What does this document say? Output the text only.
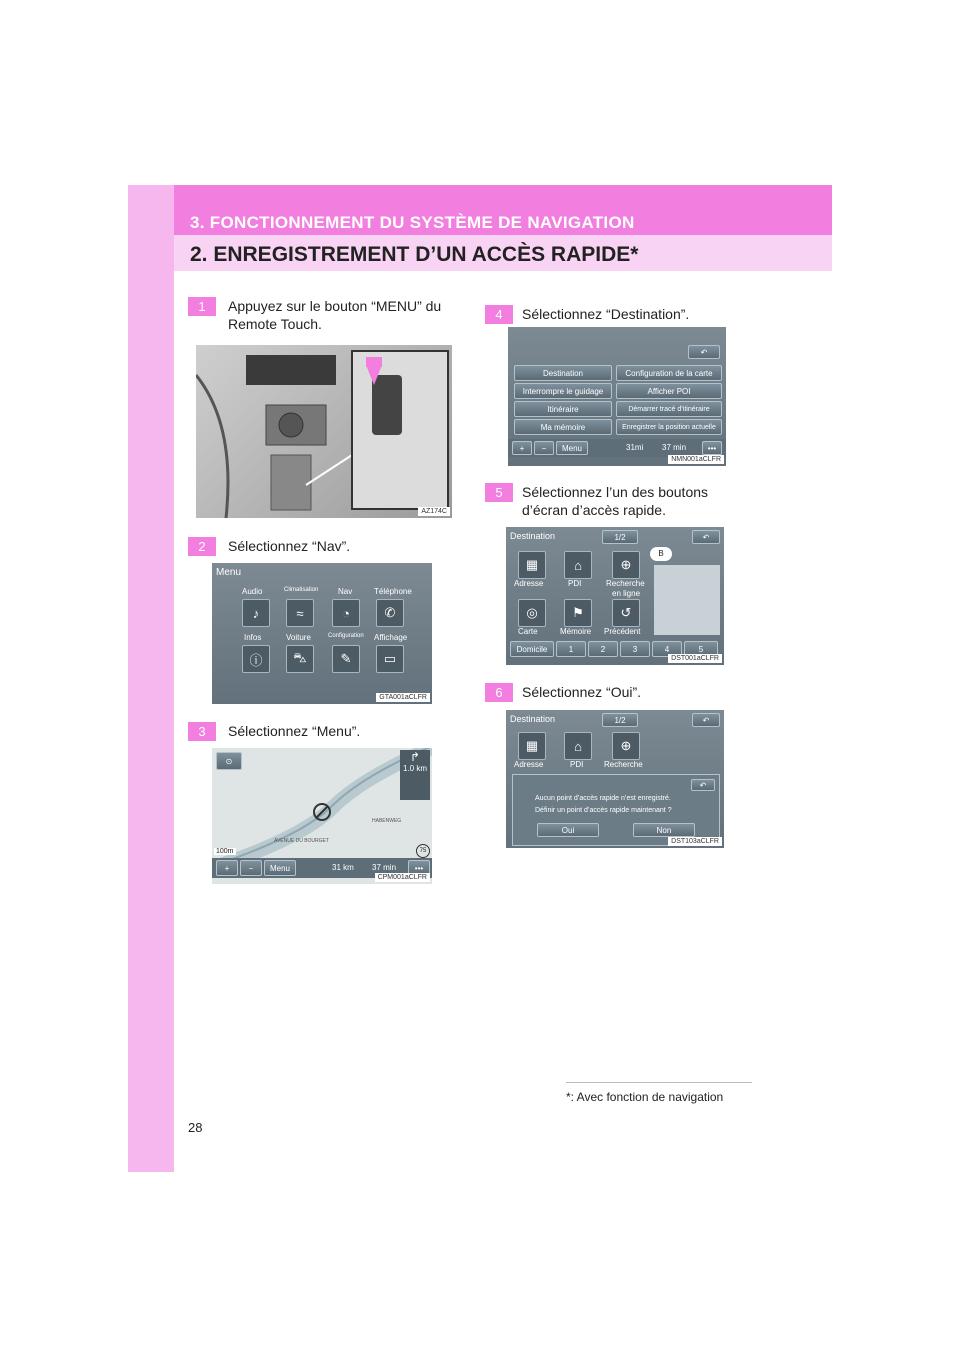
3. FONCTIONNEMENT DU SYSTÈME DE NAVIGATION
2. ENREGISTREMENT D’UN ACCÈS RAPIDE*
1	Appuyez sur le bouton “MENU” du
Remote Touch.
AZ174C
2	Sélectionnez “Nav”.
Menu
Audio	Climatisation Nav	Téléphone
♪	≈	◔	✆
Infos	Voiture	Configuration Affichage
ⓘ	⛍	✎	▭
GTA001aCLFR
3	Sélectionnez “Menu”.
⊙	↱
1.0 km
AVENUE DU BOURGET
HABENWEG
75
100m
+	−	Menu	31 km 37 min	•••
CPM001aCLFR
4	Sélectionnez “Destination”.
↶
Destination
Interrompre le guidage
Itinéraire
Ma mémoire
Configuration de la carte
Afficher POI
Démarrer tracé d’itinéraire
Enregistrer la position actuelle
+	−	Menu	31mi 37 min	•••
NMN001aCLFR
5	Sélectionnez l’un des boutons
d’écran d’accès rapide.
Destination	1/2	↶
▦	⌂	⊕
Adresse	PDI	Recherche
en ligne
◎	⚑	↺
Carte	Mémoire Précédent
B
Domicile	1	2	3	4	5
DST001aCLFR
6	Sélectionnez “Oui”.
Destination	1/2	↶
▦	⌂	⊕
Adresse	PDI	Recherche
↶
Aucun point d’accès rapide n’est enregistré.
Définir un point d’accès rapide maintenant ?
Oui	Non
DST103aCLFR
*: Avec fonction de navigation
28
